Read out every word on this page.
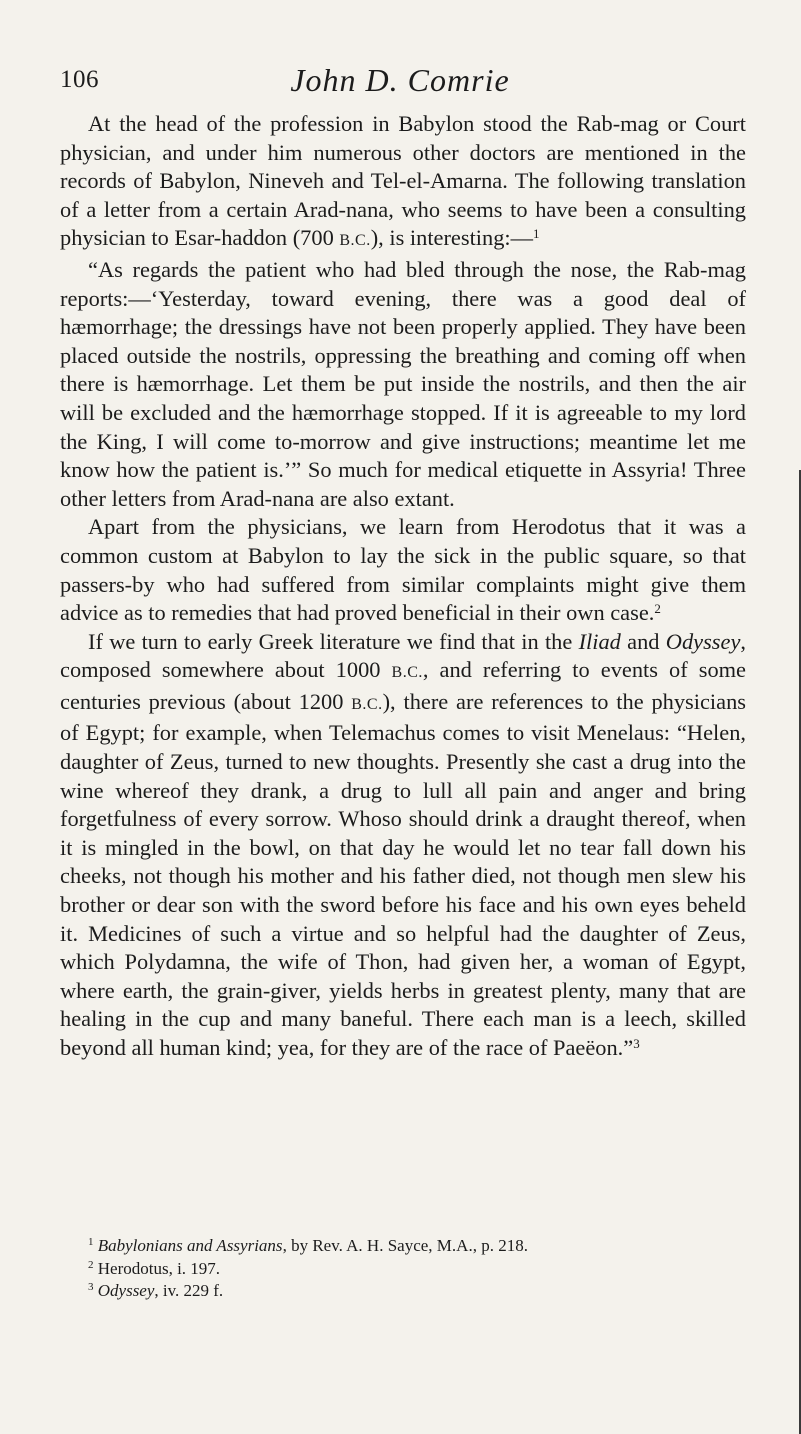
106	John D. Comrie

At the head of the profession in Babylon stood the Rab-mag or Court physician, and under him numerous other doctors are mentioned in the records of Babylon, Nineveh and Tel-el-Amarna. The following translation of a letter from a certain Arad-nana, who seems to have been a consulting physician to Esar-haddon (700 B.C.), is interesting:—$^1$

“As regards the patient who had bled through the nose, the Rab-mag reports:—‘Yesterday, toward evening, there was a good deal of hæmorrhage; the dressings have not been properly applied. They have been placed outside the nostrils, oppressing the breathing and coming off when there is hæmorrhage. Let them be put inside the nostrils, and then the air will be excluded and the hæmorrhage stopped. If it is agreeable to my lord the King, I will come to-morrow and give instructions; meantime let me know how the patient is.’” So much for medical etiquette in Assyria! Three other letters from Arad-nana are also extant.

Apart from the physicians, we learn from Herodotus that it was a common custom at Babylon to lay the sick in the public square, so that passers-by who had suffered from similar complaints might give them advice as to remedies that had proved beneficial in their own case.$^2$

If we turn to early Greek literature we find that in the Iliad and Odyssey, composed somewhere about 1000 B.C., and referring to events of some centuries previous (about 1200 B.C.), there are references to the physicians of Egypt; for example, when Telemachus comes to visit Menelaus: “Helen, daughter of Zeus, turned to new thoughts. Presently she cast a drug into the wine whereof they drank, a drug to lull all pain and anger and bring forgetfulness of every sorrow. Whoso should drink a draught thereof, when it is mingled in the bowl, on that day he would let no tear fall down his cheeks, not though his mother and his father died, not though men slew his brother or dear son with the sword before his face and his own eyes beheld it. Medicines of such a virtue and so helpful had the daughter of Zeus, which Polydamna, the wife of Thon, had given her, a woman of Egypt, where earth, the grain-giver, yields herbs in greatest plenty, many that are healing in the cup and many baneful. There each man is a leech, skilled beyond all human kind; yea, for they are of the race of Paeëon.”$^3$

$^1$ Babylonians and Assyrians, by Rev. A. H. Sayce, M.A., p. 218.

$^2$ Herodotus, i. 197.

$^3$ Odyssey, iv. 229 f.
